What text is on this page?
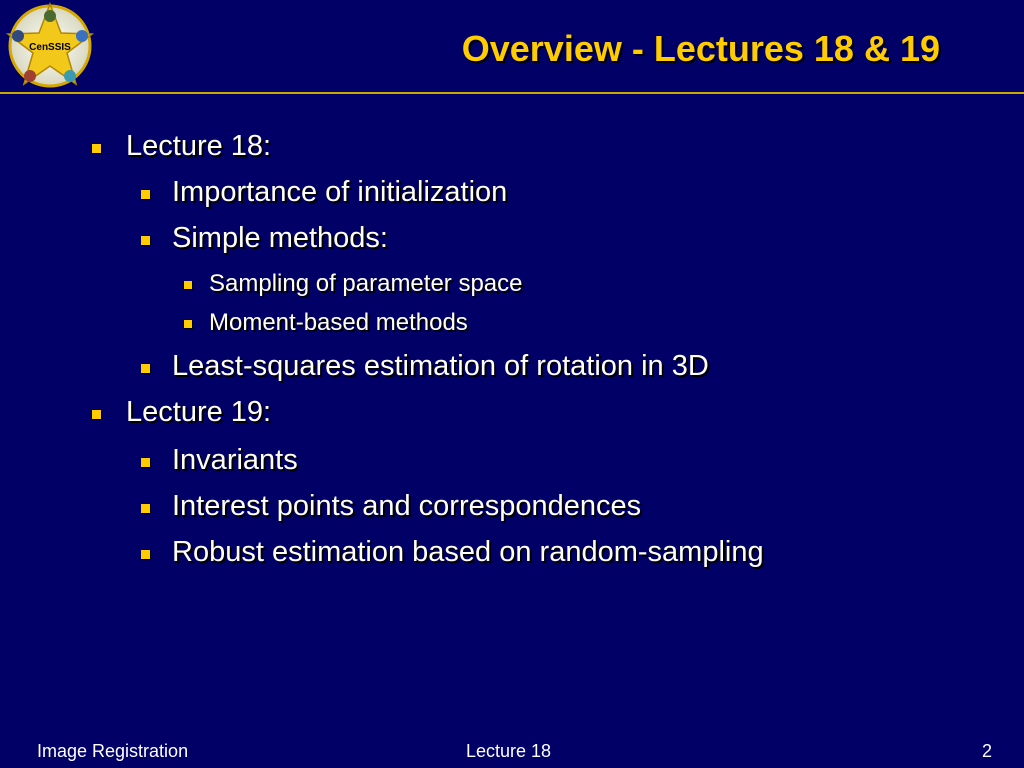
CenSSIS	Overview - Lectures 18 & 19
Lecture 18:
Importance of initialization
Simple methods:
Sampling of parameter space
Moment-based methods
Least-squares estimation of rotation in 3D
Lecture 19:
Invariants
Interest points and correspondences
Robust estimation based on random-sampling
Image Registration	Lecture 18	2
